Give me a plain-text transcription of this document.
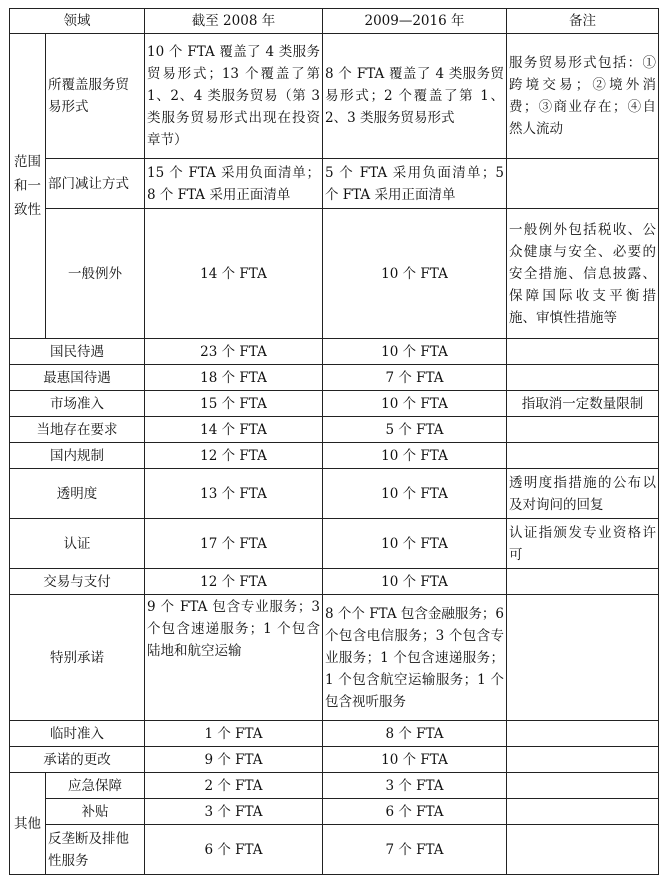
领域		截至 2008 年	2009—2016 年	备注
范围和一致性	所覆盖服务贸易形式	10 个 FTA 覆盖了 4 类服务贸易形式；13 个覆盖了第 1、2、4 类服务贸易（第 3 类服务贸易形式出现在投资章节）	8 个 FTA 覆盖了 4 类服务贸易形式；2 个覆盖了第 1、2、3 类服务贸易形式	服务贸易形式包括：①跨境交易；②境外消费；③商业存在；④自然人流动
	部门减让方式	15 个 FTA 采用负面清单；8 个 FTA 采用正面清单	5 个 FTA 采用负面清单；5 个 FTA 采用正面清单	
	一般例外	14 个 FTA	10 个 FTA	一般例外包括税收、公众健康与安全、必要的安全措施、信息披露、保障国际收支平衡措施、审慎性措施等
国民待遇		23 个 FTA	10 个 FTA	
最惠国待遇		18 个 FTA	7 个 FTA	
市场准入		15 个 FTA	10 个 FTA	指取消一定数量限制
当地存在要求		14 个 FTA	5 个 FTA	
国内规制		12 个 FTA	10 个 FTA	
透明度		13 个 FTA	10 个 FTA	透明度指措施的公布以及对询问的回复
认证		17 个 FTA	10 个 FTA	认证指颁发专业资格许可
交易与支付		12 个 FTA	10 个 FTA	
特别承诺		9 个 FTA 包含专业服务；3 个包含速递服务；1 个包含陆地和航空运输	8 个个 FTA 包含金融服务；6 个包含电信服务；3 个包含专业服务；1 个包含速递服务；1 个包含航空运输服务；1 个包含视听服务	
临时准入		1 个 FTA	8 个 FTA	
承诺的更改		9 个 FTA	10 个 FTA	
其他	应急保障	2 个 FTA	3 个 FTA	
	补贴	3 个 FTA	6 个 FTA	
	反垄断及排他性服务	6 个 FTA	7 个 FTA	
